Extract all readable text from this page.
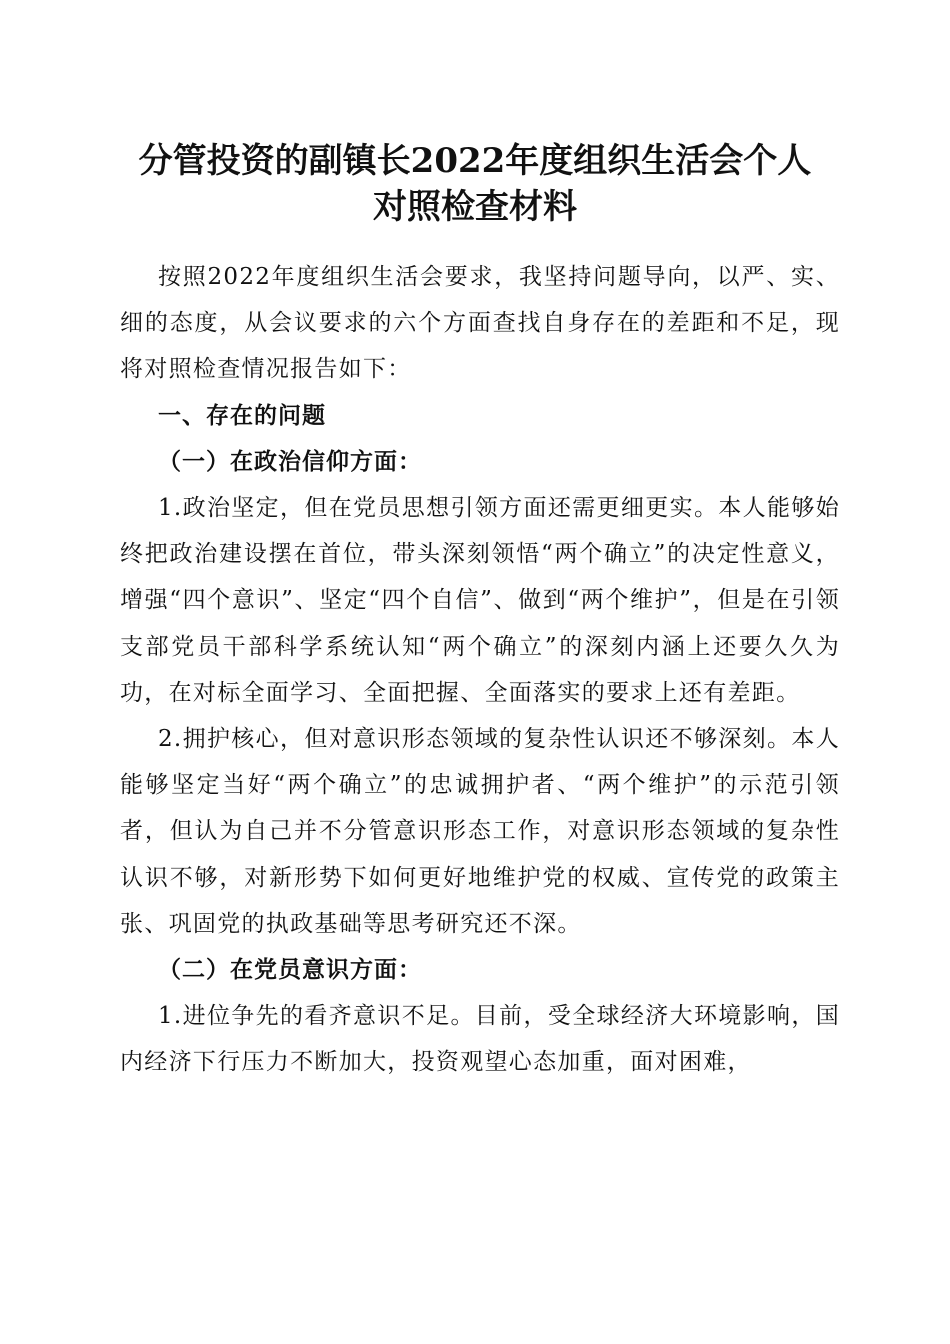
分管投资的副镇长2022年度组织生活会个人
对照检查材料

按照2022年度组织生活会要求，我坚持问题导向，以严、实、细的态度，从会议要求的六个方面查找自身存在的差距和不足，现将对照检查情况报告如下：

一、存在的问题

（一）在政治信仰方面：

1.政治坚定，但在党员思想引领方面还需更细更实。本人能够始终把政治建设摆在首位，带头深刻领悟“两个确立”的决定性意义，增强“四个意识”、坚定“四个自信”、做到“两个维护”，但是在引领支部党员干部科学系统认知“两个确立”的深刻内涵上还要久久为功，在对标全面学习、全面把握、全面落实的要求上还有差距。

2.拥护核心，但对意识形态领域的复杂性认识还不够深刻。本人能够坚定当好“两个确立”的忠诚拥护者、“两个维护”的示范引领者，但认为自己并不分管意识形态工作，对意识形态领域的复杂性认识不够，对新形势下如何更好地维护党的权威、宣传党的政策主张、巩固党的执政基础等思考研究还不深。

（二）在党员意识方面：

1.进位争先的看齐意识不足。目前，受全球经济大环境影响，国内经济下行压力不断加大，投资观望心态加重，面对困难，
